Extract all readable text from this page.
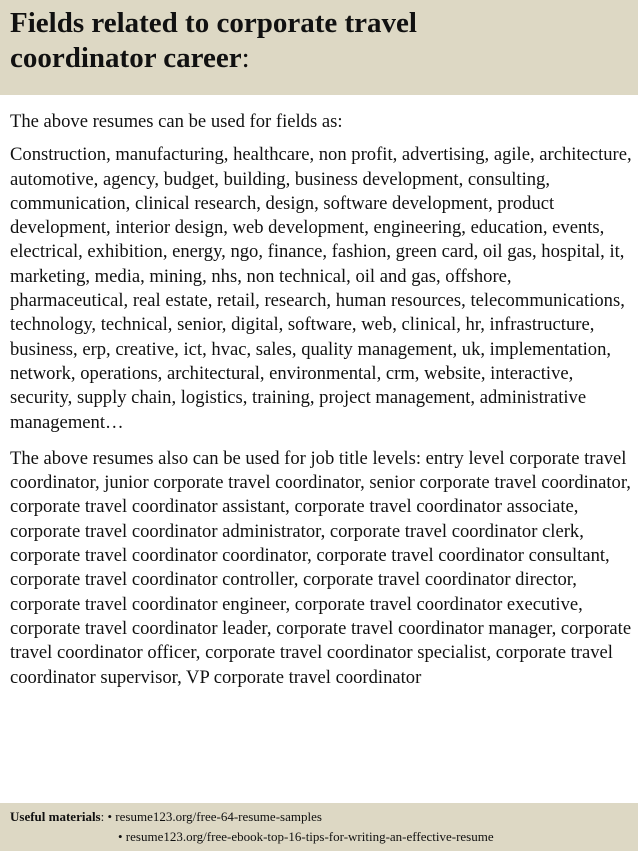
Fields related to corporate travel
coordinator career:

The above resumes can be used for fields as:

Construction, manufacturing, healthcare, non profit, advertising, agile, architecture, automotive, agency, budget, building, business development, consulting, communication, clinical research, design, software development, product development, interior design, web development, engineering, education, events, electrical, exhibition, energy, ngo, finance, fashion, green card, oil gas, hospital, it, marketing, media, mining, nhs, non technical, oil and gas, offshore, pharmaceutical, real estate, retail, research, human resources, telecommunications, technology, technical, senior, digital, software, web, clinical, hr, infrastructure, business, erp, creative, ict, hvac, sales, quality management, uk, implementation, network, operations, architectural, environmental, crm, website, interactive, security, supply chain, logistics, training, project management, administrative management…

The above resumes also can be used for job title levels: entry level corporate travel coordinator, junior corporate travel coordinator, senior corporate travel coordinator, corporate travel coordinator assistant, corporate travel coordinator associate, corporate travel coordinator administrator, corporate travel coordinator clerk, corporate travel coordinator coordinator, corporate travel coordinator consultant, corporate travel coordinator controller, corporate travel coordinator director, corporate travel coordinator engineer, corporate travel coordinator executive, corporate travel coordinator leader, corporate travel coordinator manager, corporate travel coordinator officer, corporate travel coordinator specialist, corporate travel coordinator supervisor, VP corporate travel coordinator

Useful materials: • resume123.org/free-64-resume-samples
• resume123.org/free-ebook-top-16-tips-for-writing-an-effective-resume
